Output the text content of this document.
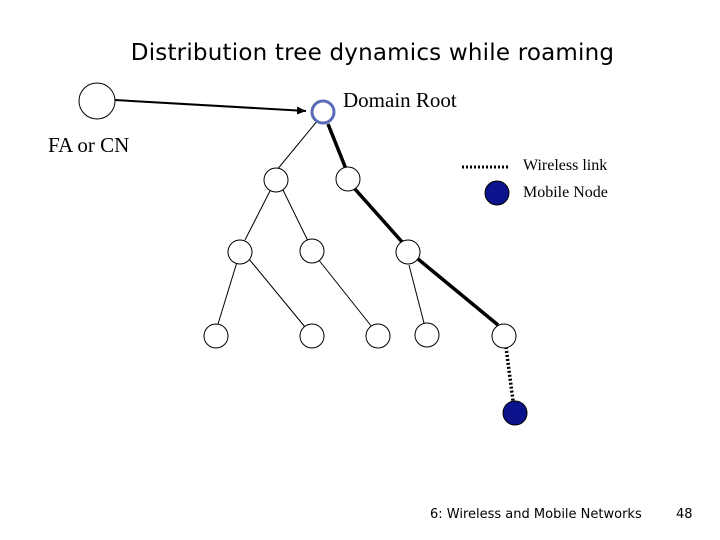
Distribution tree dynamics while roaming
Domain Root
FA or CN
Wireless link
Mobile Node
6: Wireless and Mobile Networks	48
